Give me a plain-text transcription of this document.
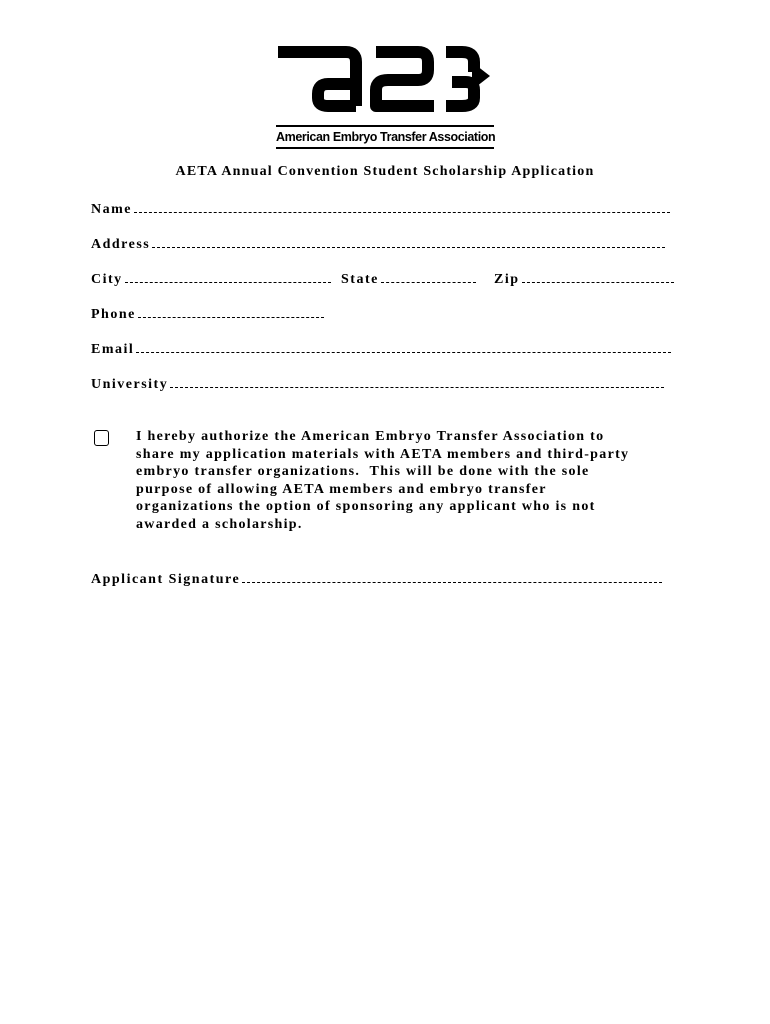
American Embryo Transfer Association
AETA Annual Convention Student Scholarship Application
Name
Address
City	State	Zip
Phone
Email
University
I hereby authorize the American Embryo Transfer Association to
share my application materials with AETA members and third-party
embryo transfer organizations.  This will be done with the sole
purpose of allowing AETA members and embryo transfer
organizations the option of sponsoring any applicant who is not
awarded a scholarship.
Applicant Signature
